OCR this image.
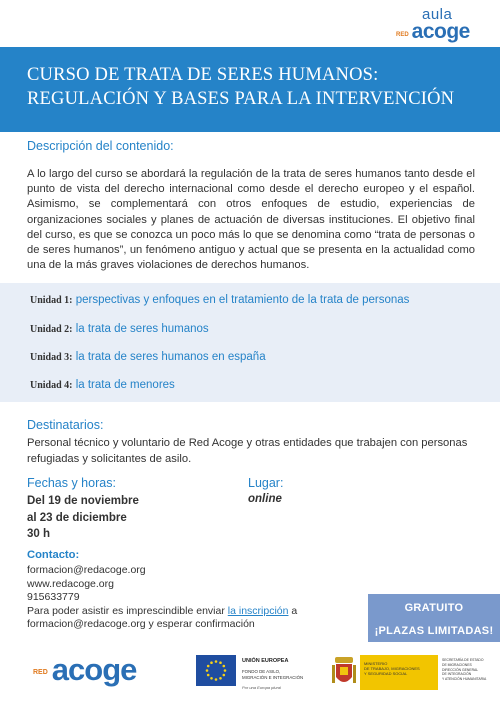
aula
RED acoge
CURSO DE TRATA DE SERES HUMANOS:
REGULACIÓN Y BASES PARA LA INTERVENCIÓN
Descripción del contenido:
A lo largo del curso se abordará la regulación de la trata de seres humanos tanto desde el punto de vista del derecho internacional como desde el derecho europeo y el español. Asimismo, se complementará con otros enfoques de estudio, experiencias de organizaciones sociales y planes de actuación de diversas instituciones. El objetivo final del curso, es que se conozca un poco más lo que se denomina como “trata de personas o de seres humanos”, un fenómeno antiguo y actual que se presenta en la actualidad como una de la más graves violaciones de derechos humanos.
Unidad 1: perspectivas y enfoques en el tratamiento de la trata de personas
Unidad 2: la trata de seres humanos
Unidad 3: la trata de seres humanos en españa
Unidad 4: la trata de menores
Destinatarios:
Personal técnico y voluntario de Red Acoge y otras entidades que trabajen con personas refugiadas y solicitantes de asilo.
Fechas y horas:
Del 19 de noviembre
al 23 de diciembre
30 h
Lugar:
online
Contacto:
formacion@redacoge.org
www.redacoge.org
915633779
Para poder asistir es imprescindible enviar la inscripción a
formacion@redacoge.org y esperar confirmación
GRATUITO
¡PLAZAS LIMITADAS!
RED acoge	UNIÓN EUROPEA
FONDO DE ASILO,
MIGRACIÓN E INTEGRACIÓN
Por una Europa plural
MINISTERIO
DE TRABAJO, MIGRACIONES
Y SEGURIDAD SOCIAL
SECRETARÍA DE ESTADO
DE MIGRACIONES
DIRECCIÓN GENERAL
DE INTEGRACIÓN
Y ATENCIÓN HUMANITARIA
